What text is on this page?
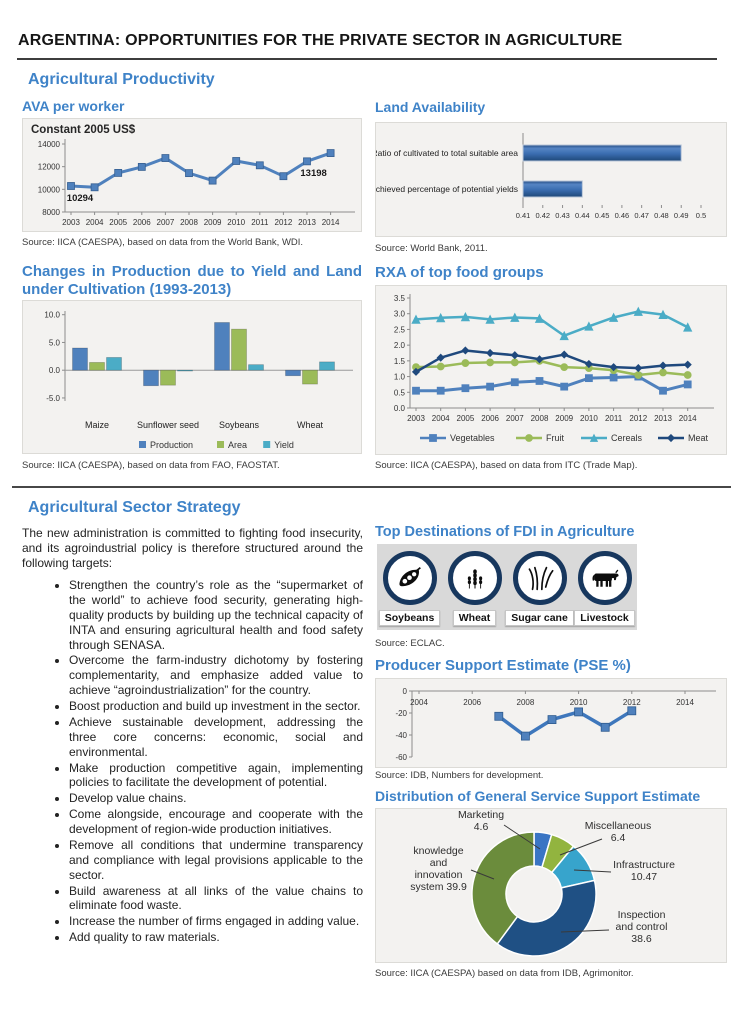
ARGENTINA: OPPORTUNITIES FOR THE PRIVATE SECTOR IN AGRICULTURE
Agricultural Productivity
AVA per worker
Constant 2005 US$
8000
10000
12000
14000
2003 2004 2005 2006 2007 2008 2009 2010 2011 2012 2013 2014
10294
13198
Source: IICA (CAESPA), based on data from the World Bank, WDI.
Land Availability
0.41 0.42 0.43 0.44 0.45 0.46 0.47 0.48 0.49 0.5
Ratio of cultivated to total suitable area
Achieved percentage of potential yields
Source: World Bank, 2011.
Changes in Production due to Yield and Land under Cultivation (1993-2013)
10.0
5.0
0.0
-5.0
Maize	Sunflower seed Soybeans	Wheat
Production	Area	Yield
Source: IICA (CAESPA), based on data from FAO, FAOSTAT.
RXA of top food groups
3.5
3.0
2.5
2.0
1.5
1.0
0.5
0.0
2003 2004 2005 2006 2007 2008 2009 2010 2011 2012 2013 2014
Vegetables	Fruit	Cereals	Meat
Source: IICA (CAESPA), based on data from ITC (Trade Map).
Agricultural Sector Strategy
The new administration is committed to fighting food insecurity, and its agroindustrial policy is therefore structured around the following targets:
• Strengthen the country’s role as the “supermarket of the world” to achieve food security, generating high-quality products by building up the technical capacity of INTA and ensuring agricultural health and food safety through SENASA.
• Overcome the farm-industry dichotomy by fostering complementarity, and emphasize added value to achieve “agroindustrialization” for the country.
• Boost production and build up investment in the sector.
• Achieve sustainable development, addressing the three core concerns: economic, social and environmental.
• Make production competitive again, implementing policies to facilitate the development of potential.
• Develop value chains.
• Come alongside, encourage and cooperate with the development of region-wide production initiatives.
• Remove all conditions that undermine transparency and compliance with legal provisions applicable to the sector.
• Build awareness at all links of the value chains to eliminate food waste.
• Increase the number of firms engaged in adding value.
• Add quality to raw materials.
Top Destinations of FDI in Agriculture
Soybeans	Wheat	Sugar cane	Livestock
Source: ECLAC.
Producer Support Estimate (PSE %)
0
-20
-40
-60
2004	2006	2008	2010	2012	2014
Source: IDB, Numbers for development.
Distribution of General Service Support Estimate
Marketing
4.6	Miscellaneous
6.4
Infrastructure
10.47
Inspection
and control
38.6
knowledge
and
innovation
system 39.9
Source: IICA (CAESPA) based on data from IDB, Agrimonitor.
